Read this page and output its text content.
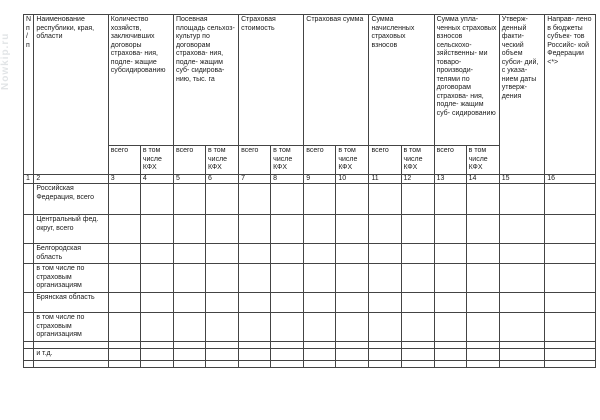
Nowkip.ru
N п/п	Наименование республики, края, области	Количество хозяйств, заключивших договоры страхова- ния, подле- жащие субсидированию		Посевная площадь сельхоз- культур по договорам страхова- ния, подле- жащим суб- сидирова- нию, тыс. га		Страховая стоимость		Страховая сумма		Сумма начисленных страховых взносов		Сумма упла- ченных страховых взносов сельскохо- зяйственны- ми товаро- производи- телями по договорам страхова- ния, подле- жащим суб- сидированию		Утверж- денный факти- ческий объем субси- дий, с указа- нием даты утверж- дения	Направ- лено в бюджеты субъек- тов Российс- кой Федерации <*>
		всего	в том числе КФХ	всего	в том числе КФХ	всего	в том числе КФХ	всего	в том числе КФХ	всего	в том числе КФХ	всего	в том числе КФХ		
1	2	3	4	5	6	7	8	9	10	11	12	13	14	15	16
	Российская Федерация, всего														
	Центральный фед. округ, всего														
	Белгородская область														
	в том числе по страховым организациям														
	Брянская область														
	в том числе по страховым организациям														

	и т.д.														
